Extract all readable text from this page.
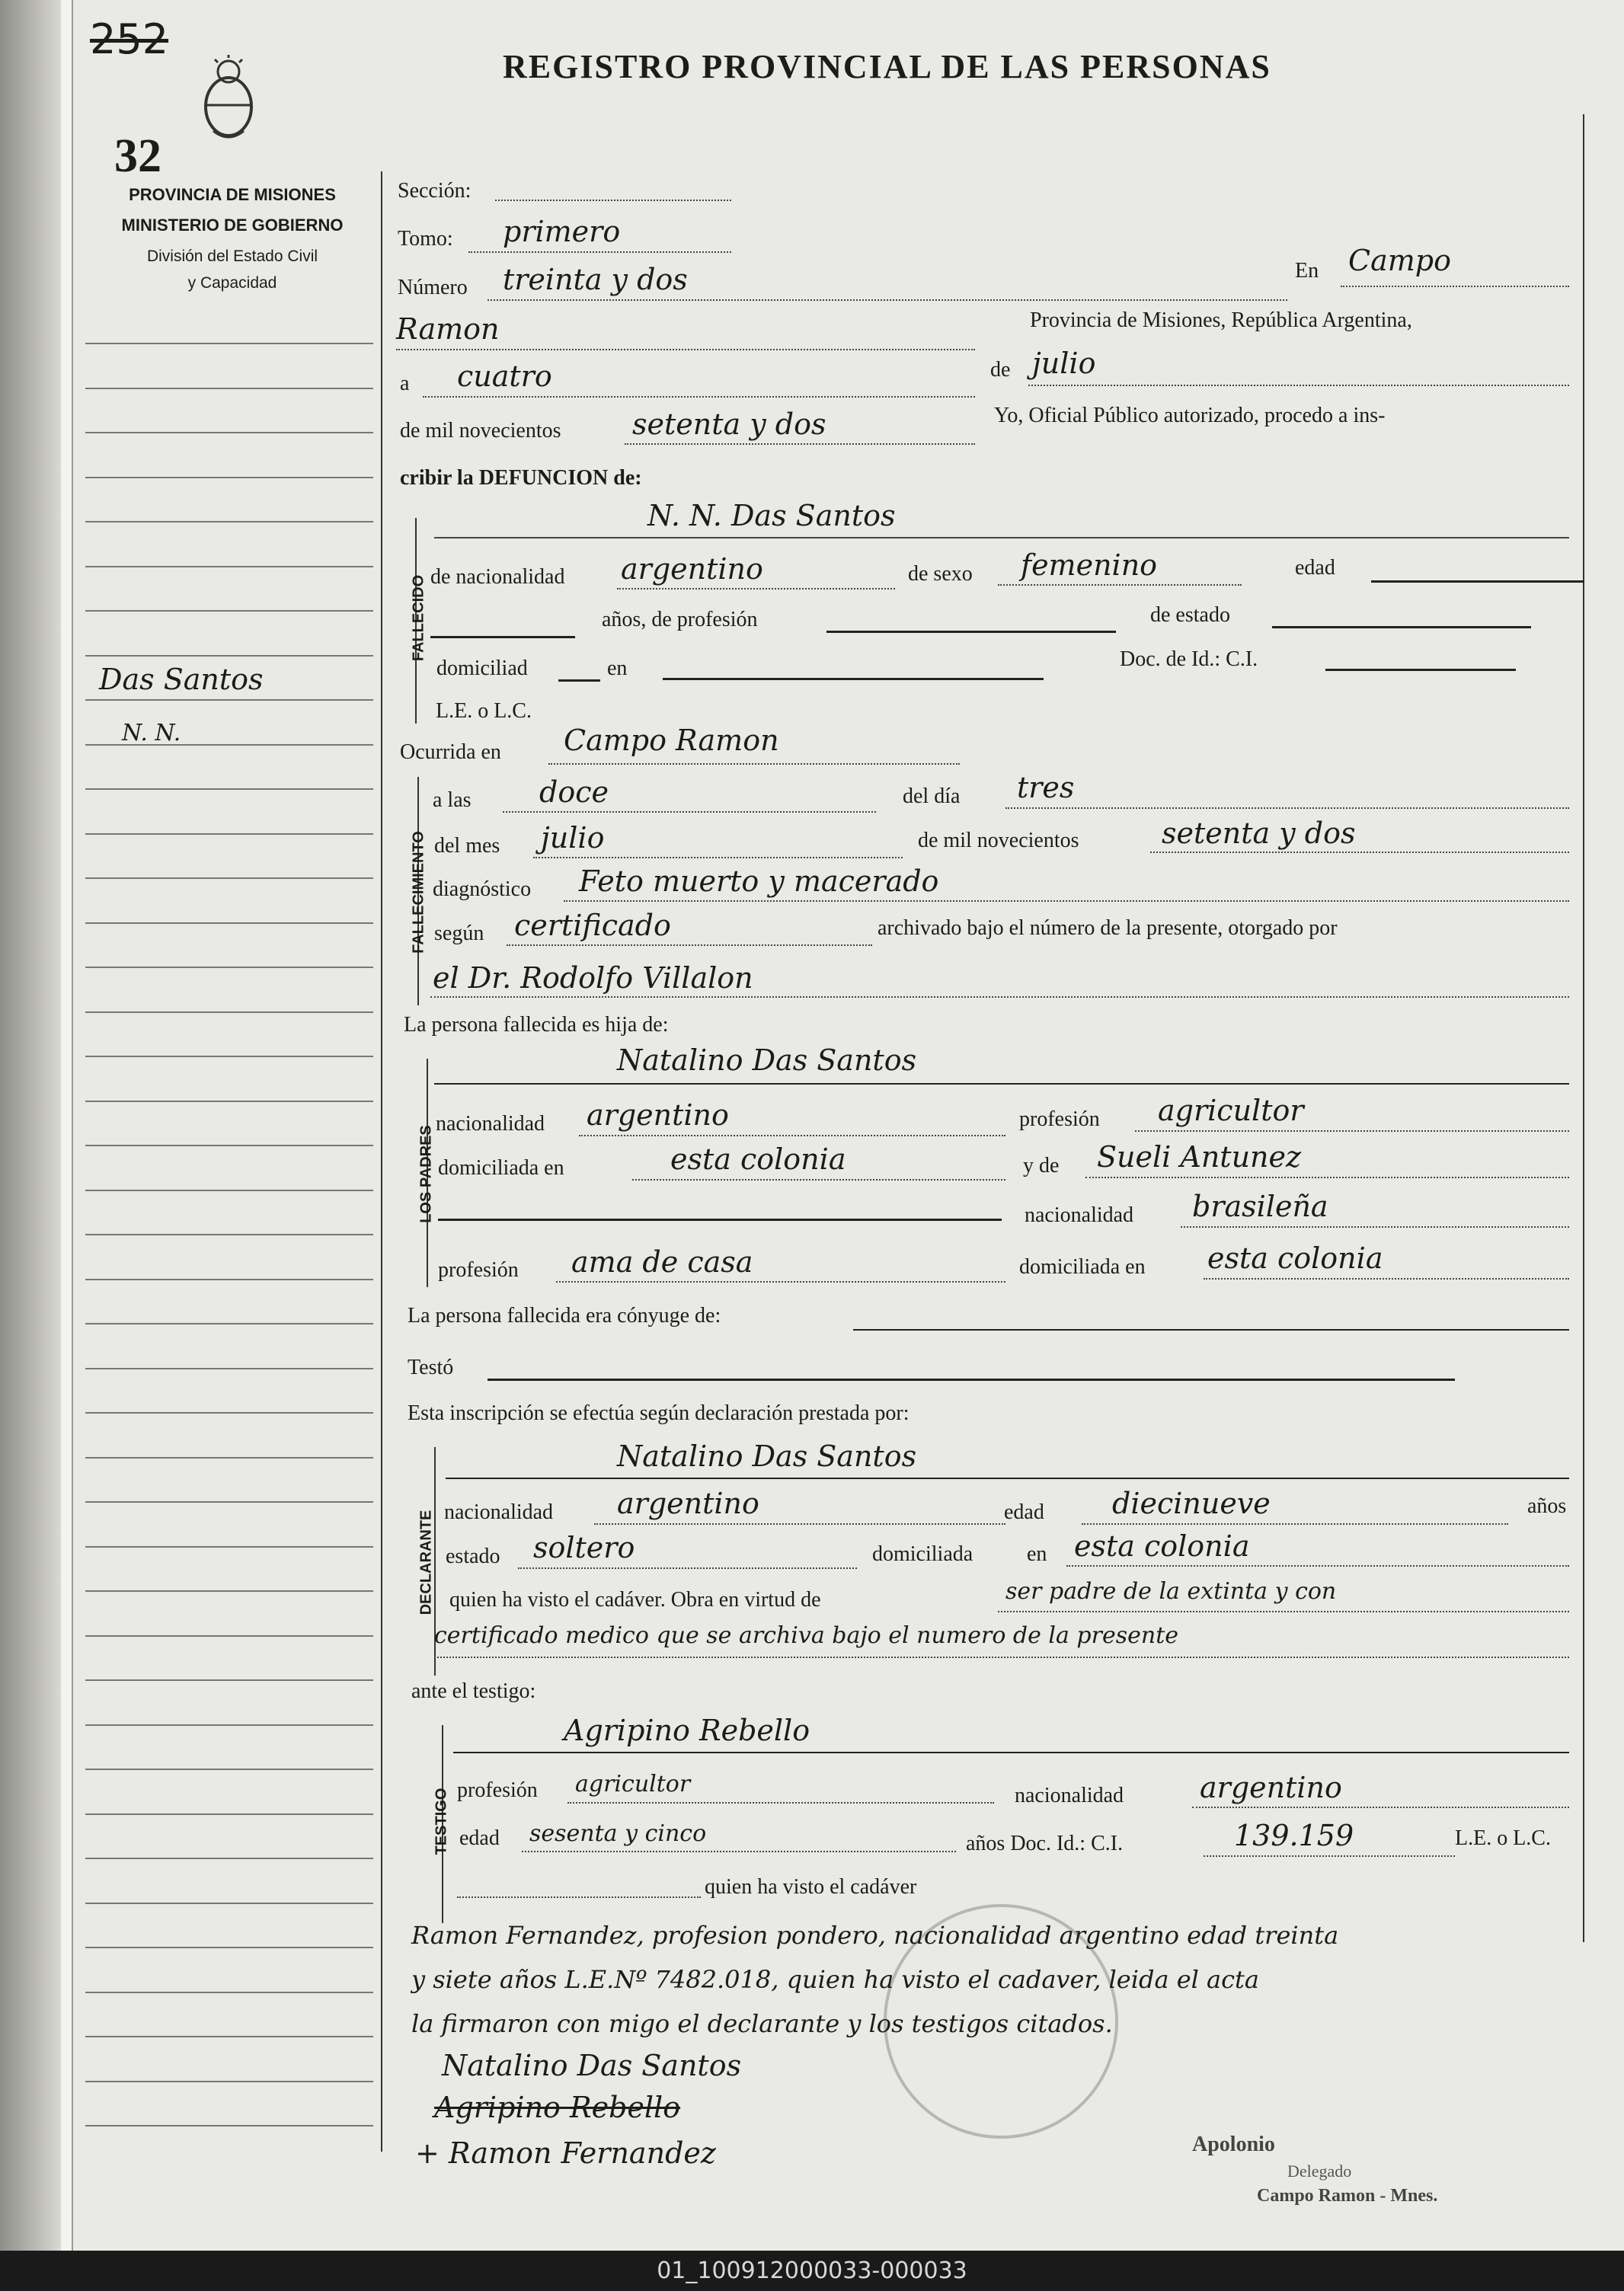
252
32
PROVINCIA DE MISIONES
MINISTERIO DE GOBIERNO
División del Estado Civil
y Capacidad
REGISTRO PROVINCIAL DE LAS PERSONAS
Das Santos
N. N.
Sección:
Tomo: primero
Número treinta y dos	En Campo
Ramon	Provincia de Misiones, República Argentina,
a cuatro	de julio
de mil novecientos setenta y dos	Yo, Oficial Público autorizado, procedo a ins-
cribir la DEFUNCION de:
FALLECIDO
N. N. Das Santos
de nacionalidad argentino	de sexo femenino	edad
años, de profesión	de estado
domiciliad	en	Doc. de Id.: C.I.
L.E. o L.C.
Ocurrida en Campo Ramon
FALLECIMIENTO
a las doce	del día tres
del mes julio	de mil novecientos	setenta y dos
diagnóstico Feto muerto y macerado
según certificado	archivado bajo el número de la presente, otorgado por
el Dr. Rodolfo Villalon
La persona fallecida es hija de:
LOS PADRES
Natalino Das Santos
nacionalidad argentino	profesión agricultor
domiciliada en	esta colonia	y de Sueli Antunez
nacionalidad brasileña
profesión ama de casa	domiciliada en esta colonia
La persona fallecida era cónyuge de:
Testó
Esta inscripción se efectúa según declaración prestada por:
DECLARANTE
Natalino Das Santos
nacionalidad argentino	edad diecinueve	años
estado soltero	domiciliada	en esta colonia
quien ha visto el cadáver. Obra en virtud de	ser padre de la extinta y con
certificado medico que se archiva bajo el numero de la presente
ante el testigo:
TESTIGO
Agripino Rebello
profesión agricultor	nacionalidad	argentino
edad sesenta y cinco	años Doc. Id.: C.I.	139.159	L.E. o L.C.
quien ha visto el cadáver
Ramon Fernandez, profesion pondero, nacionalidad argentino edad treinta
y siete años L.E.Nº 7482.018, quien ha visto el cadaver, leida el acta
la firmaron con migo el declarante y los testigos citados.
Natalino Das Santos
Agripino Rebello
+ Ramon Fernandez	Apolonio
Delegado
Campo Ramon - Mnes.
01_100912000033-000033
